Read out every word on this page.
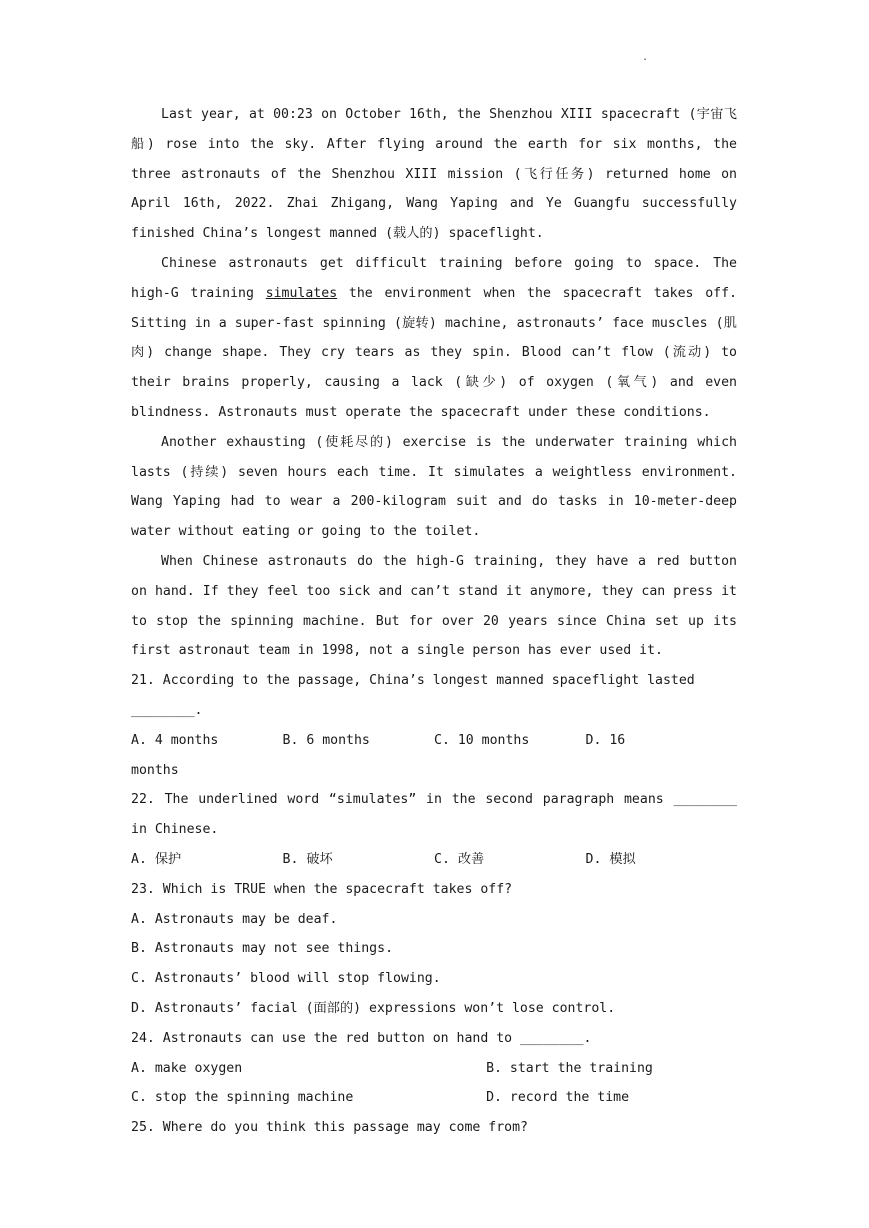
.

Last year, at 00:23 on October 16th, the Shenzhou XIII spacecraft (宇宙飞船) rose into the sky. After flying around the earth for six months, the three astronauts of the Shenzhou XIII mission (飞行任务) returned home on April 16th, 2022. Zhai Zhigang, Wang Yaping and Ye Guangfu successfully finished China’s longest manned (载人的) spaceflight.

Chinese astronauts get difficult training before going to space. The high-G training simulates the environment when the spacecraft takes off. Sitting in a super-fast spinning (旋转) machine, astronauts’ face muscles (肌肉) change shape. They cry tears as they spin. Blood can’t flow (流动) to their brains properly, causing a lack (缺少) of oxygen (氧气) and even blindness. Astronauts must operate the spacecraft under these conditions.

Another exhausting (使耗尽的) exercise is the underwater training which lasts (持续) seven hours each time. It simulates a weightless environment. Wang Yaping had to wear a 200-kilogram suit and do tasks in 10-meter-deep water without eating or going to the toilet.

When Chinese astronauts do the high-G training, they have a red button on hand. If they feel too sick and can’t stand it anymore, they can press it to stop the spinning machine. But for over 20 years since China set up its first astronaut team in 1998, not a single person has ever used it.

21. According to the passage, China’s longest manned spaceflight lasted ________.

A. 4 months	B. 6 months	C. 10 months	D. 16

months

22. The underlined word “simulates” in the second paragraph means ________ in Chinese.

A. 保护	B. 破坏	C. 改善	D. 模拟

23. Which is TRUE when the spacecraft takes off?

A. Astronauts may be deaf.

B. Astronauts may not see things.

C. Astronauts’ blood will stop flowing.

D. Astronauts’ facial (面部的) expressions won’t lose control.

24. Astronauts can use the red button on hand to ________.

A. make oxygen	B. start the training
C. stop the spinning machine	D. record the time

25. Where do you think this passage may come from?
